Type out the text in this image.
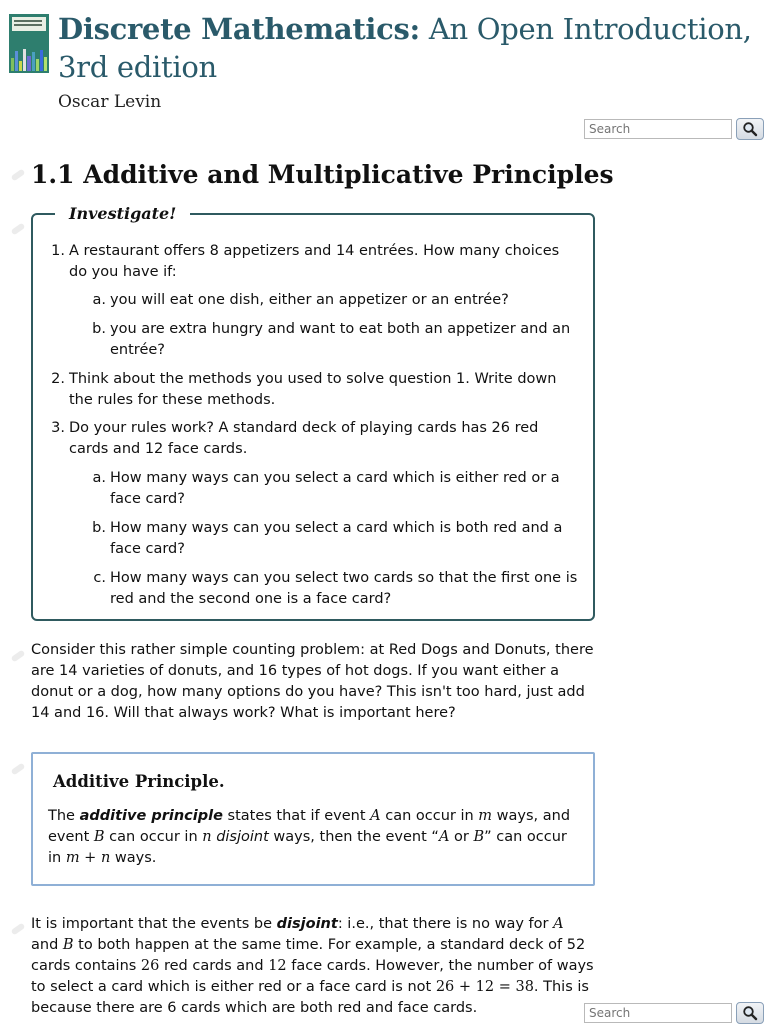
Discrete Mathematics: An Open Introduction, 3rd edition
Oscar Levin
Search
1.1 Additive and Multiplicative Principles
Investigate!
1. A restaurant offers 8 appetizers and 14 entrées. How many choices do you have if:
a. you will eat one dish, either an appetizer or an entrée?
b. you are extra hungry and want to eat both an appetizer and an entrée?
2. Think about the methods you used to solve question 1. Write down the rules for these methods.
3. Do your rules work? A standard deck of playing cards has 26 red cards and 12 face cards.
a. How many ways can you select a card which is either red or a face card?
b. How many ways can you select a card which is both red and a face card?
c. How many ways can you select two cards so that the first one is red and the second one is a face card?

Consider this rather simple counting problem: at Red Dogs and Donuts, there are 14 varieties of donuts, and 16 types of hot dogs. If you want either a donut or a dog, how many options do you have? This isn't too hard, just add 14 and 16. Will that always work? What is important here?

Additive Principle.
The additive principle states that if event A can occur in m ways, and event B can occur in n disjoint ways, then the event “A or B” can occur in m + n ways.

It is important that the events be disjoint: i.e., that there is no way for A and B to both happen at the same time. For example, a standard deck of 52 cards contains 26 red cards and 12 face cards. However, the number of ways to select a card which is either red or a face card is not 26 + 12 = 38. This is because there are 6 cards which are both red and face cards.

Search
